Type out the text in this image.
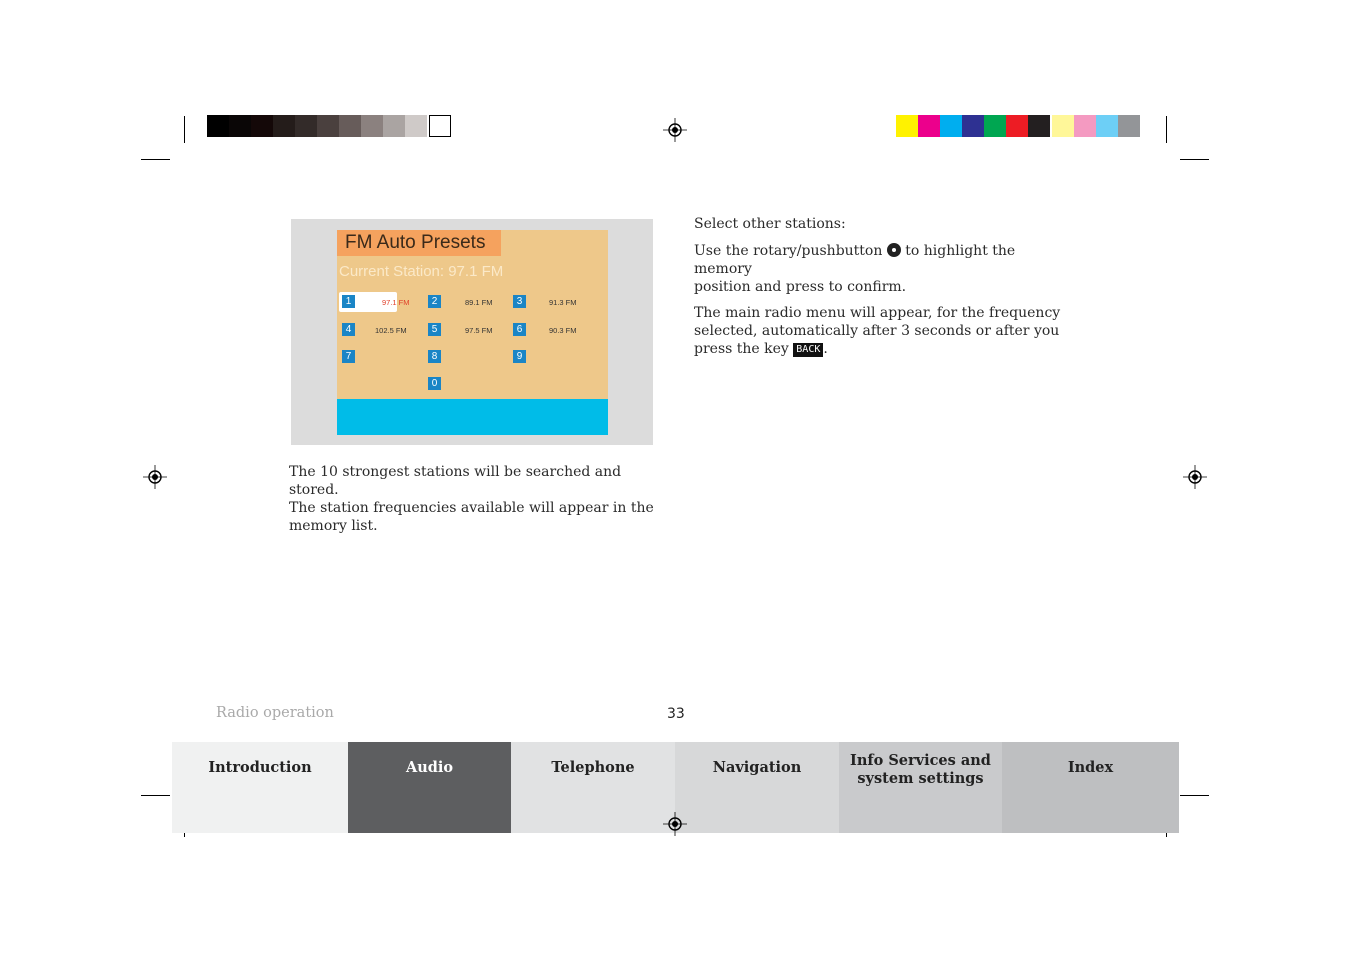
FM Auto Presets
Current Station: 97.1 FM
1	97.1 FM	2	89.1 FM	3	91.3 FM
4	102.5 FM	5	97.5 FM	6	90.3 FM
7	8	9
0
The 10 strongest stations will be searched and stored.
The station frequencies available will appear in the
memory list.
Select other stations:
Use the rotary/pushbutton to highlight the memory
position and press to confirm.
The main radio menu will appear, for the frequency
selected, automatically after 3 seconds or after you
press the key BACK .
Radio operation	33
Introduction	Audio	Telephone	Navigation	Info Services and
system settings
Index
